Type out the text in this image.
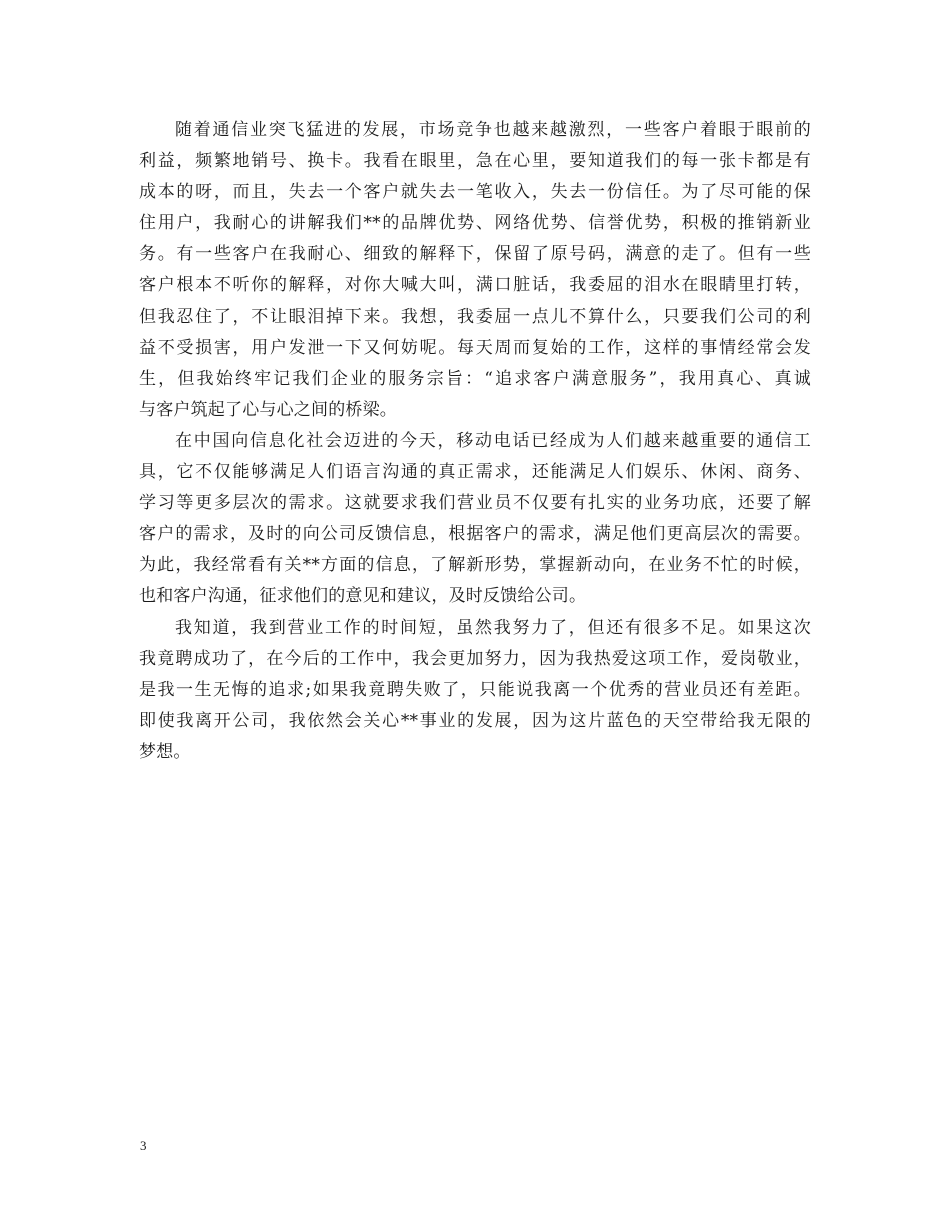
随着通信业突飞猛进的发展，市场竞争也越来越激烈，一些客户着眼于眼前的
利益，频繁地销号、换卡。我看在眼里，急在心里，要知道我们的每一张卡都是有
成本的呀，而且，失去一个客户就失去一笔收入，失去一份信任。为了尽可能的保
住用户，我耐心的讲解我们**的品牌优势、网络优势、信誉优势，积极的推销新业
务。有一些客户在我耐心、细致的解释下，保留了原号码，满意的走了。但有一些
客户根本不听你的解释，对你大喊大叫，满口脏话，我委屈的泪水在眼睛里打转，
但我忍住了，不让眼泪掉下来。我想，我委屈一点儿不算什么，只要我们公司的利
益不受损害，用户发泄一下又何妨呢。每天周而复始的工作，这样的事情经常会发
生，但我始终牢记我们企业的服务宗旨：“追求客户满意服务”，我用真心、真诚
与客户筑起了心与心之间的桥梁。
在中国向信息化社会迈进的今天，移动电话已经成为人们越来越重要的通信工
具，它不仅能够满足人们语言沟通的真正需求，还能满足人们娱乐、休闲、商务、
学习等更多层次的需求。这就要求我们营业员不仅要有扎实的业务功底，还要了解
客户的需求，及时的向公司反馈信息，根据客户的需求，满足他们更高层次的需要。
为此，我经常看有关**方面的信息，了解新形势，掌握新动向，在业务不忙的时候，
也和客户沟通，征求他们的意见和建议，及时反馈给公司。
我知道，我到营业工作的时间短，虽然我努力了，但还有很多不足。如果这次
我竟聘成功了，在今后的工作中，我会更加努力，因为我热爱这项工作，爱岗敬业，
是我一生无悔的追求;如果我竟聘失败了，只能说我离一个优秀的营业员还有差距。
即使我离开公司，我依然会关心**事业的发展，因为这片蓝色的天空带给我无限的
梦想。
3
